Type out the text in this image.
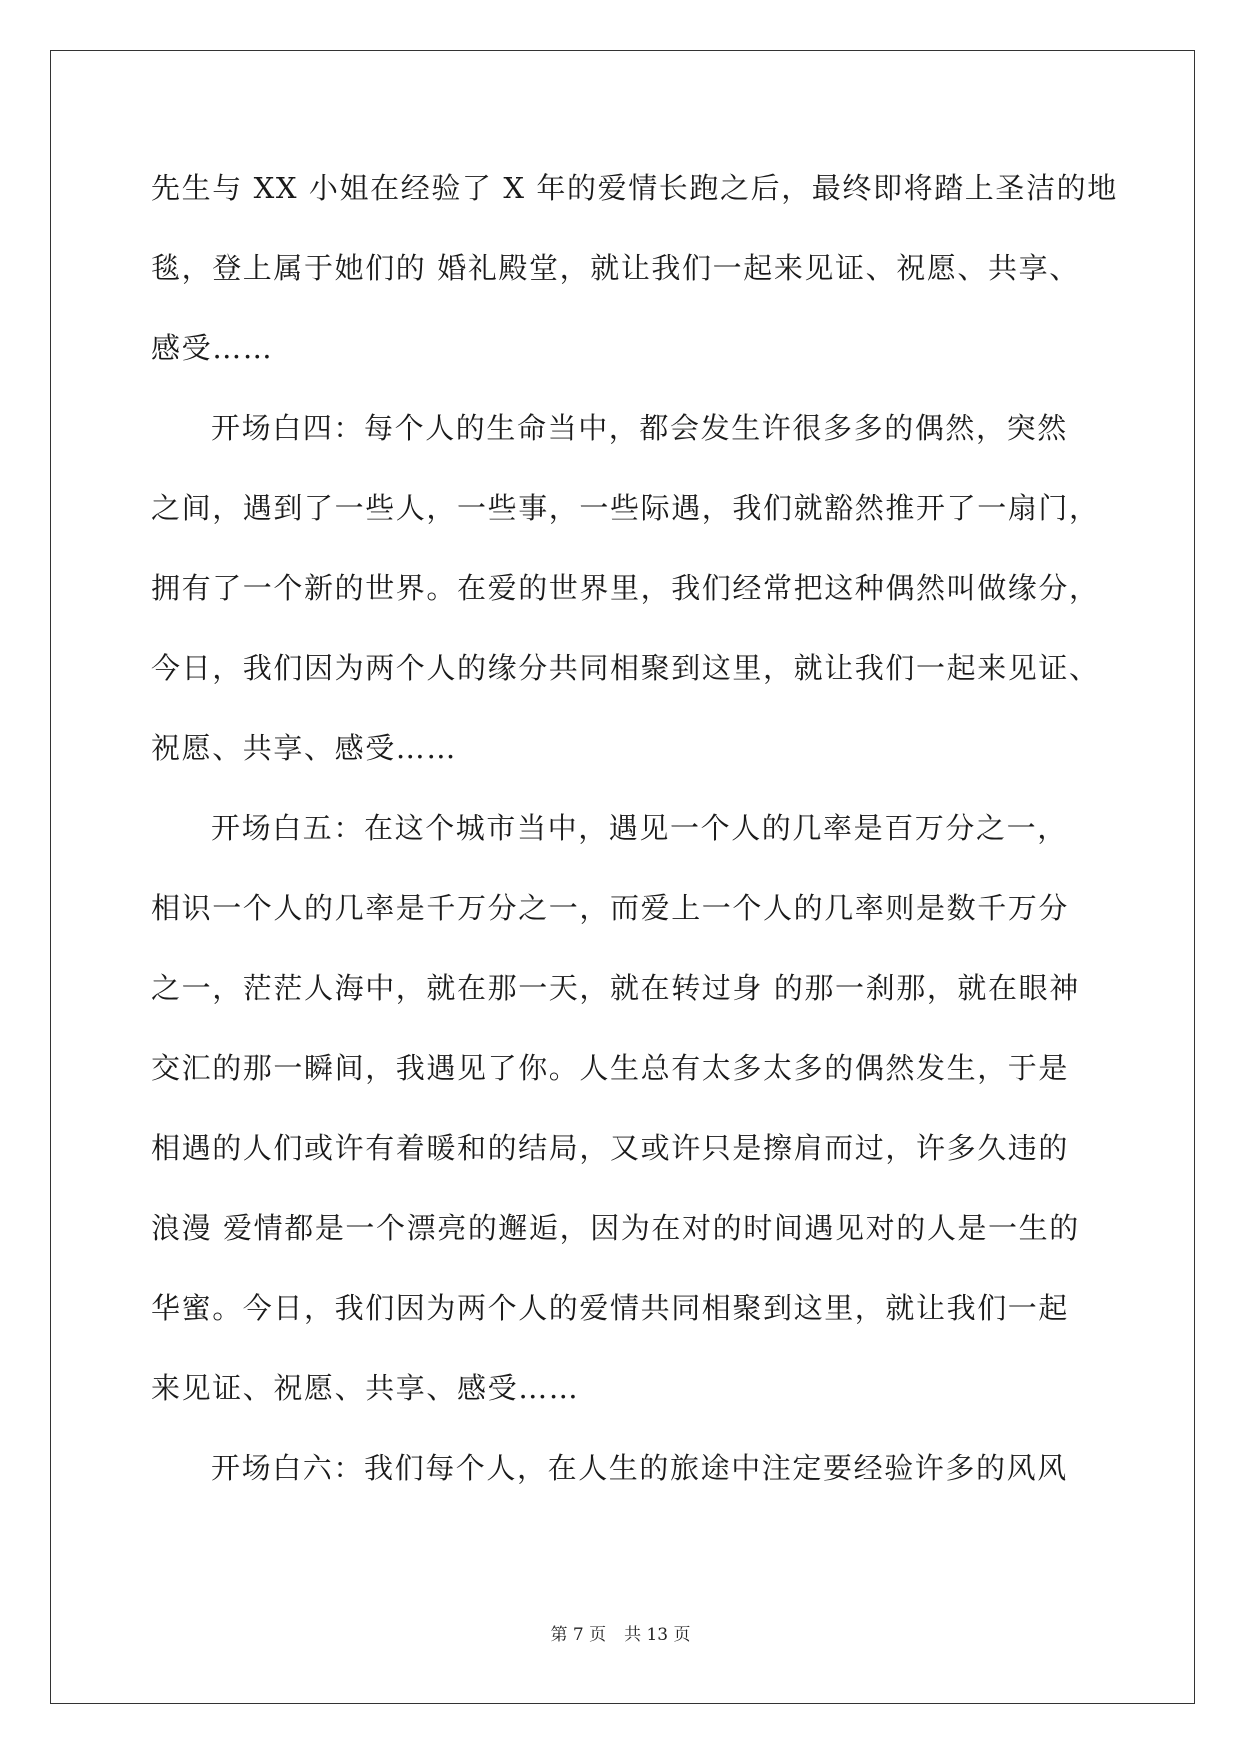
先生与 XX 小姐在经验了 X 年的爱情长跑之后，最终即将踏上圣洁的地
毯，登上属于她们的 婚礼殿堂，就让我们一起来见证、祝愿、共享、
感受……
开场白四：每个人的生命当中，都会发生许很多多的偶然，突然
之间，遇到了一些人，一些事，一些际遇，我们就豁然推开了一扇门，
拥有了一个新的世界。在爱的世界里，我们经常把这种偶然叫做缘分，
今日，我们因为两个人的缘分共同相聚到这里，就让我们一起来见证、
祝愿、共享、感受……
开场白五：在这个城市当中，遇见一个人的几率是百万分之一，
相识一个人的几率是千万分之一，而爱上一个人的几率则是数千万分
之一，茫茫人海中，就在那一天，就在转过身 的那一刹那，就在眼神
交汇的那一瞬间，我遇见了你。人生总有太多太多的偶然发生，于是
相遇的人们或许有着暖和的结局，又或许只是擦肩而过，许多久违的
浪漫 爱情都是一个漂亮的邂逅，因为在对的时间遇见对的人是一生的
华蜜。今日，我们因为两个人的爱情共同相聚到这里，就让我们一起
来见证、祝愿、共享、感受……
开场白六：我们每个人，在人生的旅途中注定要经验许多的风风
第 7 页 共 13 页
